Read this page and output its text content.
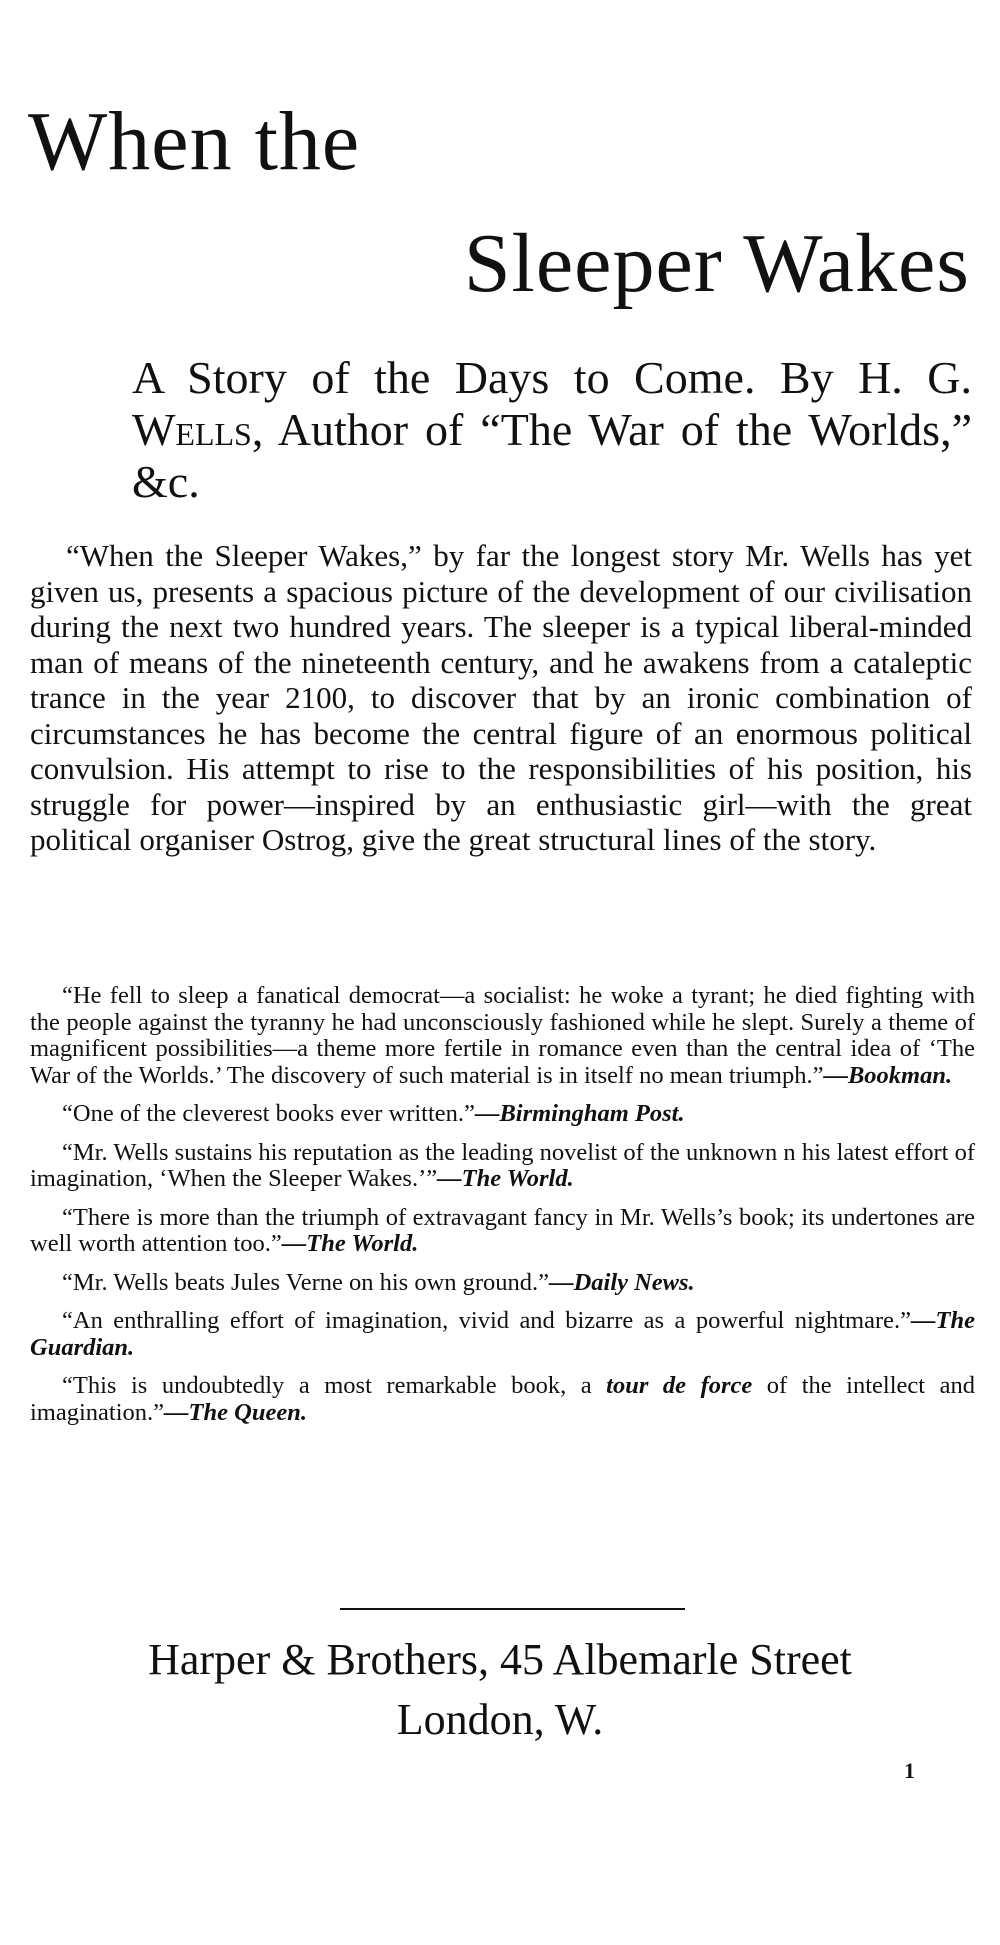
When the
Sleeper Wakes

A Story of the Days to Come. By H. G. Wells, Author of “The War of the Worlds,” &c.

“When the Sleeper Wakes,” by far the longest story Mr. Wells has yet given us, presents a spacious picture of the development of our civilisation during the next two hundred years. The sleeper is a typical liberal-minded man of means of the nineteenth century, and he awakens from a cataleptic trance in the year 2100, to discover that by an ironic combination of circumstances he has become the central figure of an enormous political convulsion. His attempt to rise to the responsibilities of his position, his struggle for power—inspired by an enthusiastic girl—with the great political organiser Ostrog, give the great structural lines of the story.

“He fell to sleep a fanatical democrat—a socialist: he woke a tyrant; he died fighting with the people against the tyranny he had unconsciously fashioned while he slept. Surely a theme of magnificent possibilities—a theme more fertile in romance even than the central idea of ‘The War of the Worlds.’ The discovery of such material is in itself no mean triumph.”—Bookman.

“One of the cleverest books ever written.”—Birmingham Post.

“Mr. Wells sustains his reputation as the leading novelist of the unknown n his latest effort of imagination, ‘When the Sleeper Wakes.’”—The World.

“There is more than the triumph of extravagant fancy in Mr. Wells’s book; its undertones are well worth attention too.”—The World.

“Mr. Wells beats Jules Verne on his own ground.”—Daily News.

“An enthralling effort of imagination, vivid and bizarre as a powerful nightmare.”—The Guardian.

“This is undoubtedly a most remarkable book, a tour de force of the intellect and imagination.”—The Queen.

Harper & Brothers, 45 Albemarle Street
London, W.
1
